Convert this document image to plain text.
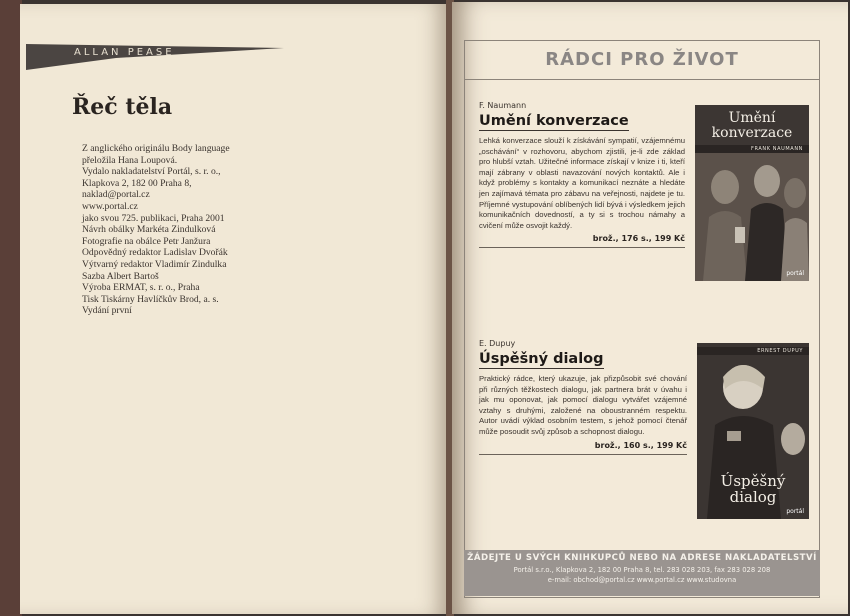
ALLAN PEASE
Řeč těla
Z anglického originálu Body language
přeložila Hana Loupová.
Vydalo nakladatelství Portál, s. r. o.,
Klapkova 2, 182 00 Praha 8,
naklad@portal.cz
www.portal.cz
jako svou 725. publikaci, Praha 2001
Návrh obálky Markéta Zindulková
Fotografie na obálce Petr Janžura
Odpovědný redaktor Ladislav Dvořák
Výtvarný redaktor Vladimír Zindulka
Sazba Albert Bartoš
Výroba ERMAT, s. r. o., Praha
Tisk Tiskárny Havlíčkův Brod, a. s.
Vydání první
RÁDCI PRO ŽIVOT
F. Naumann
Umění konverzace
Lehká konverzace slouží k získávání sympatií, vzájemnému „oschávání“ v rozhovoru, abychom zjistili, je-li zde základ pro hlubší vztah. Užitečné informace získají v knize i ti, kteří mají zábrany v oblasti navazování nových kontaktů. Ale i když problémy s kontakty a komunikací neznáte a hledáte jen zajímavá témata pro zábavu na veřejnosti, najdete je tu. Příjemné vystupování oblíbených lidí bývá i výsledkem jejich komunikačních dovedností, a ty si s trochou námahy a cvičení může osvojit každý.
brož., 176 s., 199 Kč
Umění
konverzace
FRANK NAUMANN
portál
E. Dupuy
Úspěšný dialog
Praktický rádce, který ukazuje, jak přizpůsobit své chování při různých těžkostech dialogu, jak partnera brát v úvahu i jak mu oponovat, jak pomocí dialogu vytvářet vzájemné vztahy s druhými, založené na oboustranném respektu. Autor uvádí výklad osobním testem, s jehož pomocí čtenář může posoudit svůj způsob a schopnost dialogu.
brož., 160 s., 199 Kč
ERNEST DUPUY
Úspěšný
dialog
portál
ŽÁDEJTE U SVÝCH KNIHKUPCŮ NEBO NA ADRESE NAKLADATELSTVÍ
Portál s.r.o., Klapkova 2, 182 00 Praha 8, tel. 283 028 203, fax 283 028 208
e-mail: obchod@portal.cz www.portal.cz www.studovna
